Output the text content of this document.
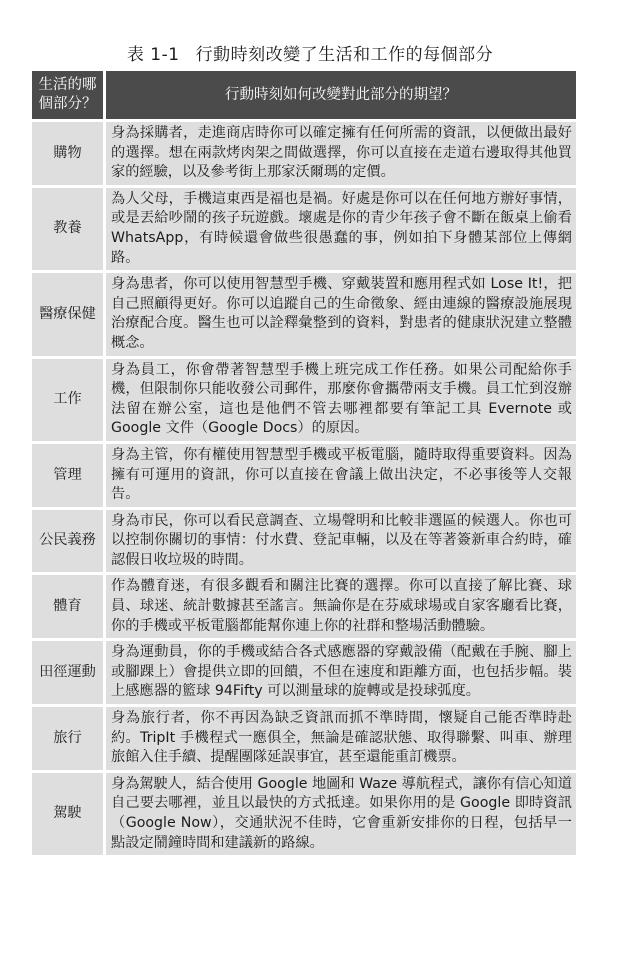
表 1-1 行動時刻改變了生活和工作的每個部分
生活的哪個部分？	行動時刻如何改變對此部分的期望？
購物	身為採購者，走進商店時你可以確定擁有任何所需的資訊，以便做出最好的選擇。想在兩款烤肉架之間做選擇，你可以直接在走道右邊取得其他買家的經驗，以及參考街上那家沃爾瑪的定價。
教養	為人父母，手機這東西是福也是禍。好處是你可以在任何地方辦好事情，或是丟給吵鬧的孩子玩遊戲。壞處是你的青少年孩子會不斷在飯桌上偷看 WhatsApp，有時候還會做些很愚蠢的事，例如拍下身體某部位上傳網路。
醫療保健	身為患者，你可以使用智慧型手機、穿戴裝置和應用程式如 Lose It!，把自己照顧得更好。你可以追蹤自己的生命徵象、經由連線的醫療設施展現治療配合度。醫生也可以詮釋彙整到的資料，對患者的健康狀況建立整體概念。
工作	身為員工，你會帶著智慧型手機上班完成工作任務。如果公司配給你手機，但限制你只能收發公司郵件，那麼你會攜帶兩支手機。員工忙到沒辦法留在辦公室，這也是他們不管去哪裡都要有筆記工具 Evernote 或 Google 文件（Google Docs）的原因。
管理	身為主管，你有權使用智慧型手機或平板電腦，隨時取得重要資料。因為擁有可運用的資訊，你可以直接在會議上做出決定，不必事後等人交報告。
公民義務	身為市民，你可以看民意調查、立場聲明和比較非選區的候選人。你也可以控制你關切的事情：付水費、登記車輛，以及在等著簽新車合約時，確認假日收垃圾的時間。
體育	作為體育迷，有很多觀看和關注比賽的選擇。你可以直接了解比賽、球員、球迷、統計數據甚至謠言。無論你是在芬威球場或自家客廳看比賽，你的手機或平板電腦都能幫你連上你的社群和整場活動體驗。
田徑運動	身為運動員，你的手機或結合各式感應器的穿戴設備（配戴在手腕、腳上或腳踝上）會提供立即的回饋，不但在速度和距離方面，也包括步幅。裝上感應器的籃球 94Fifty 可以測量球的旋轉或是投球弧度。
旅行	身為旅行者，你不再因為缺乏資訊而抓不準時間，懷疑自己能否準時赴約。TripIt 手機程式一應俱全，無論是確認狀態、取得聯繫、叫車、辦理旅館入住手續、提醒團隊延誤事宜，甚至還能重訂機票。
駕駛	身為駕駛人，結合使用 Google 地圖和 Waze 導航程式，讓你有信心知道自己要去哪裡，並且以最快的方式抵達。如果你用的是 Google 即時資訊（Google Now），交通狀況不佳時，它會重新安排你的日程，包括早一點設定鬧鐘時間和建議新的路線。
